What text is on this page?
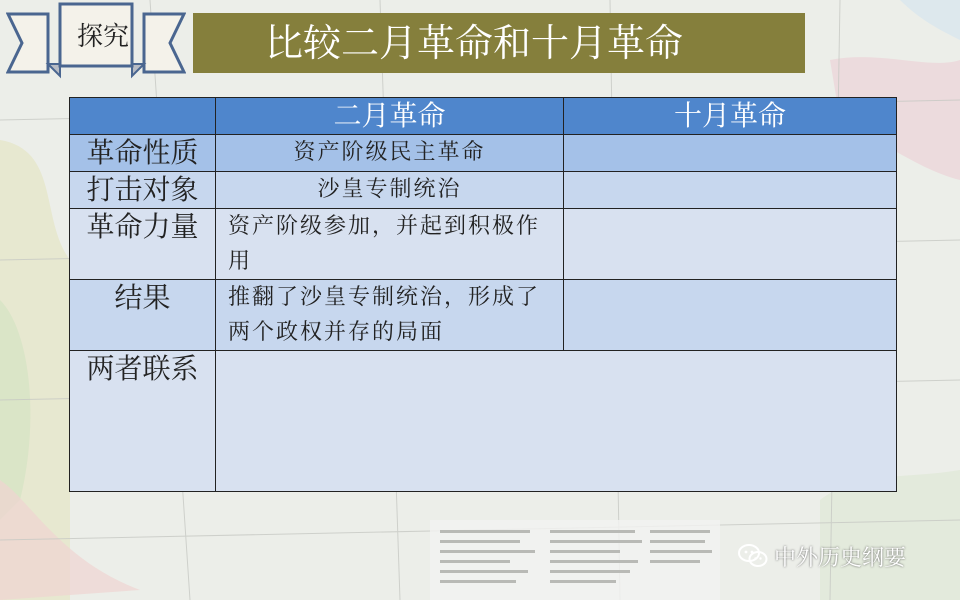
探究	比较二月革命和十月革命
	二月革命	十月革命
革命性质	资产阶级民主革命	
打击对象	沙皇专制统治	
革命力量	资产阶级参加，并起到积极作用	
结果	推翻了沙皇专制统治，形成了两个政权并存的局面	
两者联系		
中外历史纲要
